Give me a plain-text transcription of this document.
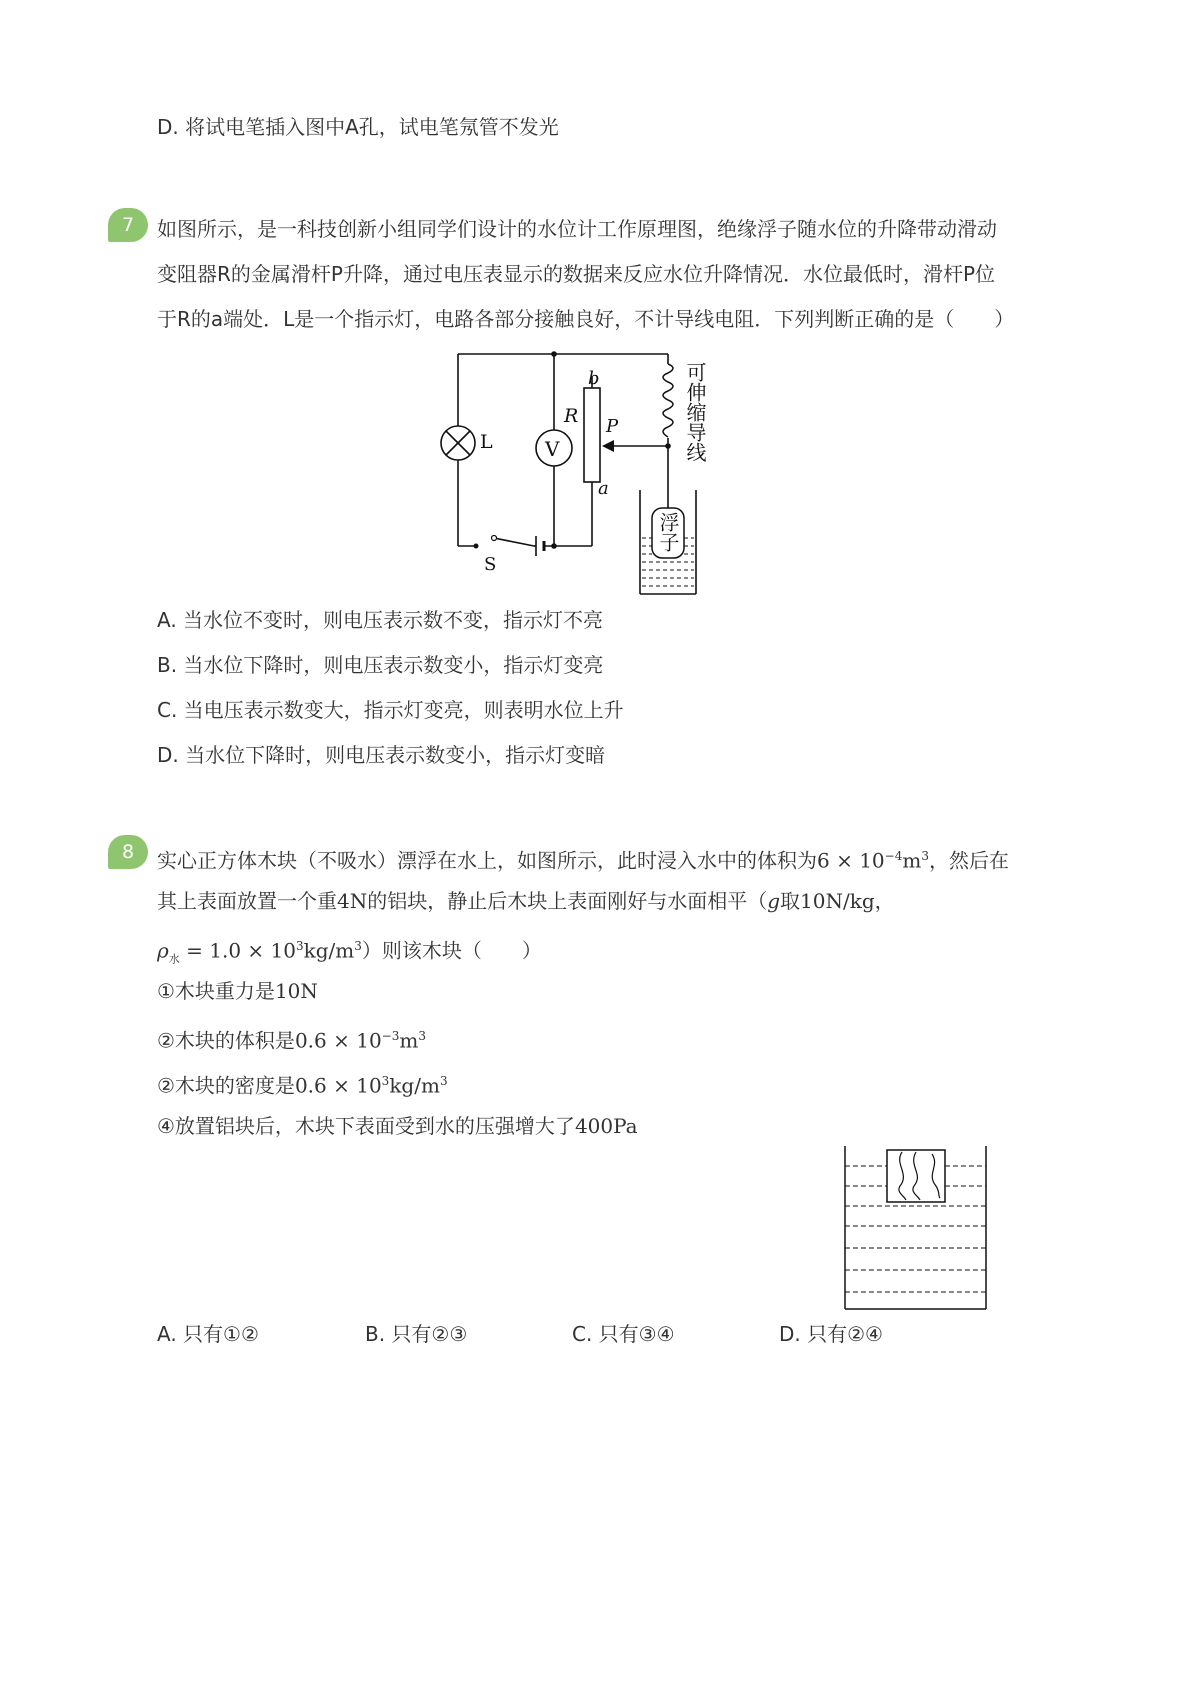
D. 将试电笔插入图中A孔，试电笔氖管不发光
7	如图所示，是一科技创新小组同学们设计的水位计工作原理图，绝缘浮子随水位的升降带动滑动
变阻器R的金属滑杆P升降，通过电压表显示的数据来反应水位升降情况．水位最低时，滑杆P位
于R的a端处．L是一个指示灯，电路各部分接触良好，不计导线电阻．下列判断正确的是（　　）
L	V
R
b
a
P
S
可伸缩导线
浮子
A. 当水位不变时，则电压表示数不变，指示灯不亮
B. 当水位下降时，则电压表示数变小，指示灯变亮
C. 当电压表示数变大，指示灯变亮，则表明水位上升
D. 当水位下降时，则电压表示数变小，指示灯变暗
8	实心正方体木块（不吸水）漂浮在水上，如图所示，此时浸入水中的体积为$6 \times 10^{-4}m^3$，然后在
其上表面放置一个重4N的铝块，静止后木块上表面刚好与水面相平（g取10N/kg，
$\rho_水 = 1.0 \times 10^3kg/m^3$）则该木块（　　）
①木块重力是10N
②木块的体积是$0.6 \times 10^{-3}m^3$
②木块的密度是$0.6 \times 10^3kg/m^3$
④放置铝块后，木块下表面受到水的压强增大了400Pa
A. 只有①②	B. 只有②③	C. 只有③④	D. 只有②④
